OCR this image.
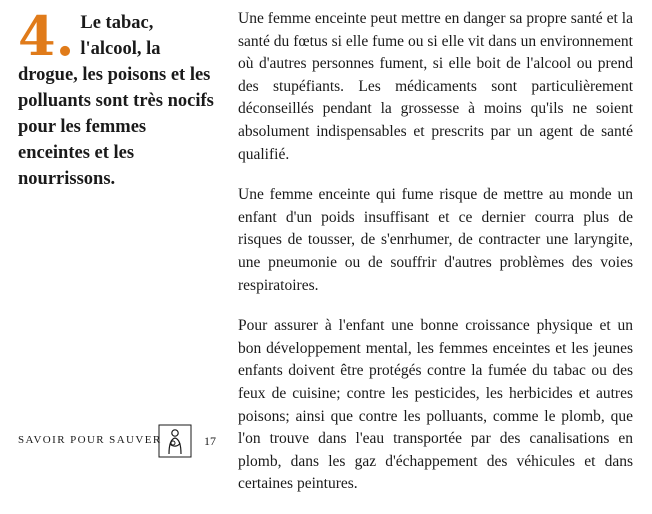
4. Le tabac, l'alcool, la drogue, les poisons et les polluants sont très nocifs pour les femmes enceintes et les nourrissons.

Une femme enceinte peut mettre en danger sa propre santé et la santé du fœtus si elle fume ou si elle vit dans un environnement où d'autres personnes fument, si elle boit de l'alcool ou prend des stupéfiants. Les médicaments sont particulièrement déconseillés pendant la grossesse à moins qu'ils ne soient absolument indispensables et prescrits par un agent de santé qualifié.

Une femme enceinte qui fume risque de mettre au monde un enfant d'un poids insuffisant et ce dernier courra plus de risques de tousser, de s'enrhumer, de contracter une laryngite, une pneumonie ou de souffrir d'autres problèmes des voies respiratoires.

Pour assurer à l'enfant une bonne croissance physique et un bon développement mental, les femmes enceintes et les jeunes enfants doivent être protégés contre la fumée du tabac ou des feux de cuisine; contre les pesticides, les herbicides et autres poisons; ainsi que contre les polluants, comme le plomb, que l'on trouve dans l'eau transportée par des canalisations en plomb, dans les gaz d'échappement des véhicules et dans certaines peintures.

SAVOIR POUR SAUVER	17
